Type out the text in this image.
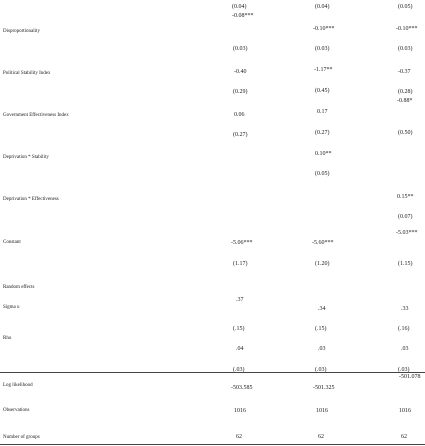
Disproportionality
Political Stability Index
Government Effectiveness Index
Deprivation * Stability
Deprivation * Effectiveness
Constant
Random effects
Sigma u
Rho
Log likelihood
Observations
Number of groups
(0.04)
-0.08***
(0.03)
-0.40
(0.29)
0.06
(0.27)
-5.06***
(1.17)
.37
(.15)
.04
(.03)
-503.585
1016
62
(0.04)
-0.10***
(0.03)
-1.17**
(0.45)
0.17
(0.27)
0.10**
(0.05)
-5.60***
(1.20)
.34
(.15)
.03
(.03)
-501.325
1016
62
(0.05)
-0.10***
(0.03)
-0.37
(0.28)
-0.88*
(0.50)
0.15**
(0.07)
-5.03***
(1.15)
.33
(.16)
.03
(.03)
-501.078
1016
62
